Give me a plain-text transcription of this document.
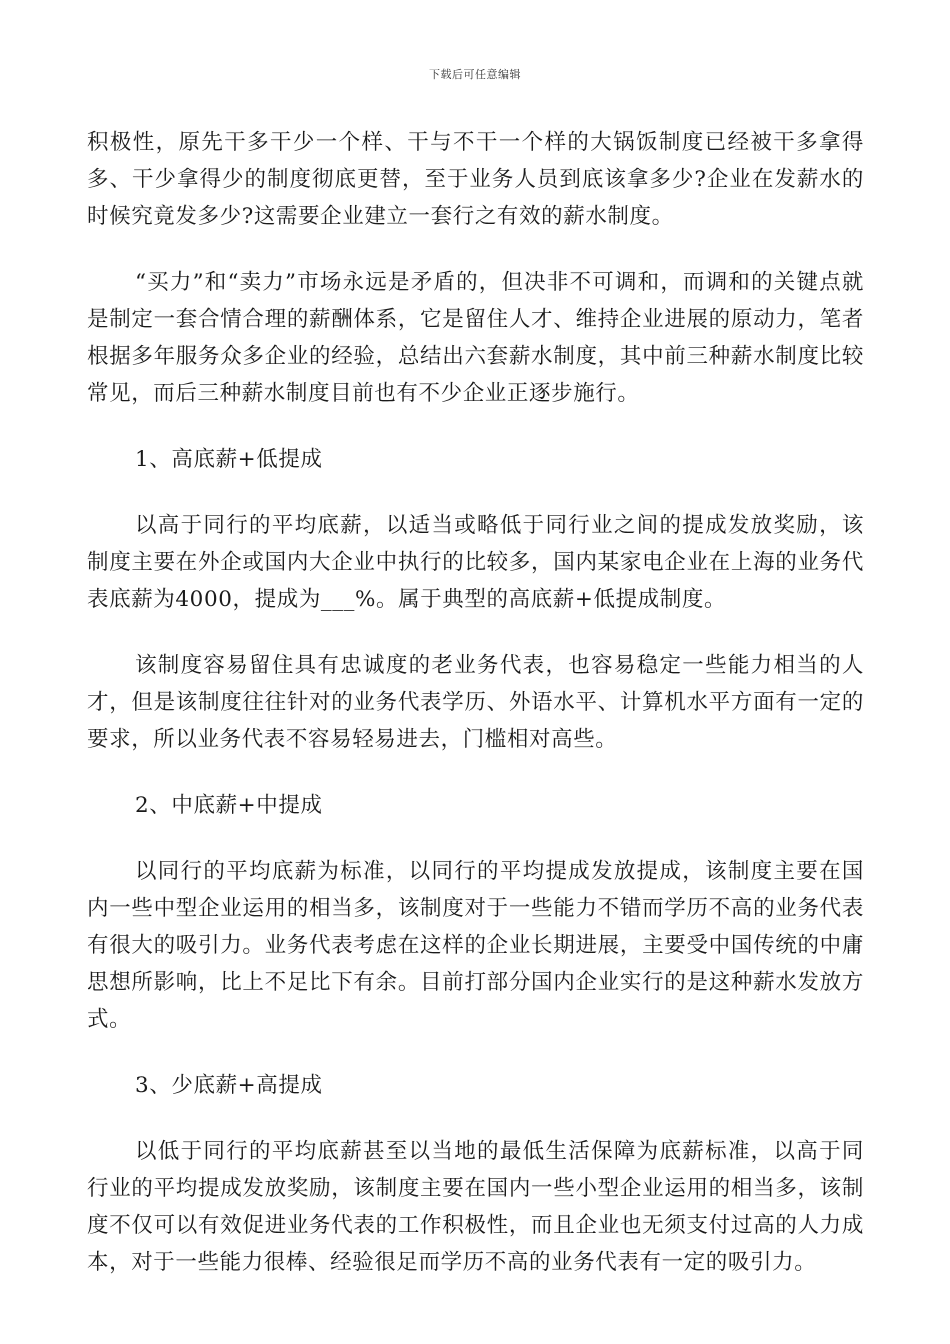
下载后可任意编辑

积极性，原先干多干少一个样、干与不干一个样的大锅饭制度已经被干多拿得多、干少拿得少的制度彻底更替，至于业务人员到底该拿多少?企业在发薪水的时候究竟发多少?这需要企业建立一套行之有效的薪水制度。

“买力”和“卖力”市场永远是矛盾的，但决非不可调和，而调和的关键点就是制定一套合情合理的薪酬体系，它是留住人才、维持企业进展的原动力，笔者根据多年服务众多企业的经验，总结出六套薪水制度，其中前三种薪水制度比较常见，而后三种薪水制度目前也有不少企业正逐步施行。

1、高底薪+低提成

以高于同行的平均底薪，以适当或略低于同行业之间的提成发放奖励，该制度主要在外企或国内大企业中执行的比较多，国内某家电企业在上海的业务代表底薪为4000，提成为___%。属于典型的高底薪+低提成制度。

该制度容易留住具有忠诚度的老业务代表，也容易稳定一些能力相当的人才，但是该制度往往针对的业务代表学历、外语水平、计算机水平方面有一定的要求，所以业务代表不容易轻易进去，门槛相对高些。

2、中底薪+中提成

以同行的平均底薪为标准，以同行的平均提成发放提成，该制度主要在国内一些中型企业运用的相当多，该制度对于一些能力不错而学历不高的业务代表有很大的吸引力。业务代表考虑在这样的企业长期进展，主要受中国传统的中庸思想所影响，比上不足比下有余。目前打部分国内企业实行的是这种薪水发放方式。

3、少底薪+高提成

以低于同行的平均底薪甚至以当地的最低生活保障为底薪标准，以高于同行业的平均提成发放奖励，该制度主要在国内一些小型企业运用的相当多，该制度不仅可以有效促进业务代表的工作积极性，而且企业也无须支付过高的人力成本，对于一些能力很棒、经验很足而学历不高的业务代表有一定的吸引力。
